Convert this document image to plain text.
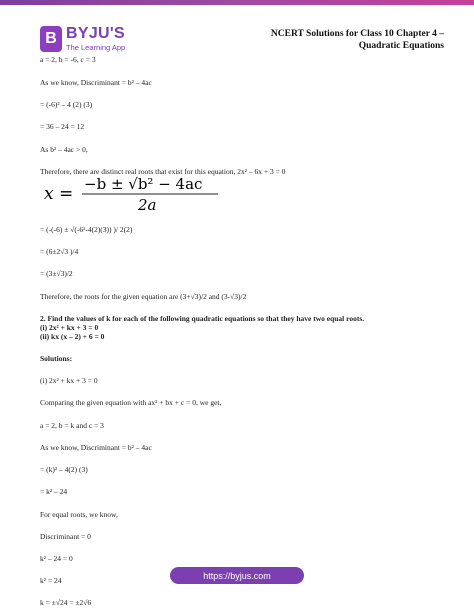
B BYJU'S
The Learning App
NCERT Solutions for Class 10 Chapter 4 –
Quadratic Equations
a = 2, b = -6, c = 3
As we know, Discriminant = b² – 4ac
= (-6)² – 4 (2) (3)
= 36 – 24 = 12
As b² – 4ac > 0,
Therefore, there are distinct real roots that exist for this equation, 2x² – 6x + 3 = 0
x = −b ± √b² − 4ac
2a
= (-(-6) ± √(-6²-4(2)(3)) )/ 2(2)
= (6±2√3 )/4
= (3±√3)/2
Therefore, the roots for the given equation are (3+√3)/2 and (3-√3)/2
2. Find the values of k for each of the following quadratic equations so that they have two equal roots.
(i) 2x² + kx + 3 = 0
(ii) kx (x – 2) + 6 = 0
Solutions:
(i) 2x² + kx + 3 = 0
Comparing the given equation with ax² + bx + c = 0, we get,
a = 2, b = k and c = 3
As we know, Discriminant = b² – 4ac
= (k)² – 4(2) (3)
= k² – 24
For equal roots, we know,
Discriminant = 0
k² – 24 = 0
k² = 24
k = ±√24 = ±2√6
https://byjus.com
